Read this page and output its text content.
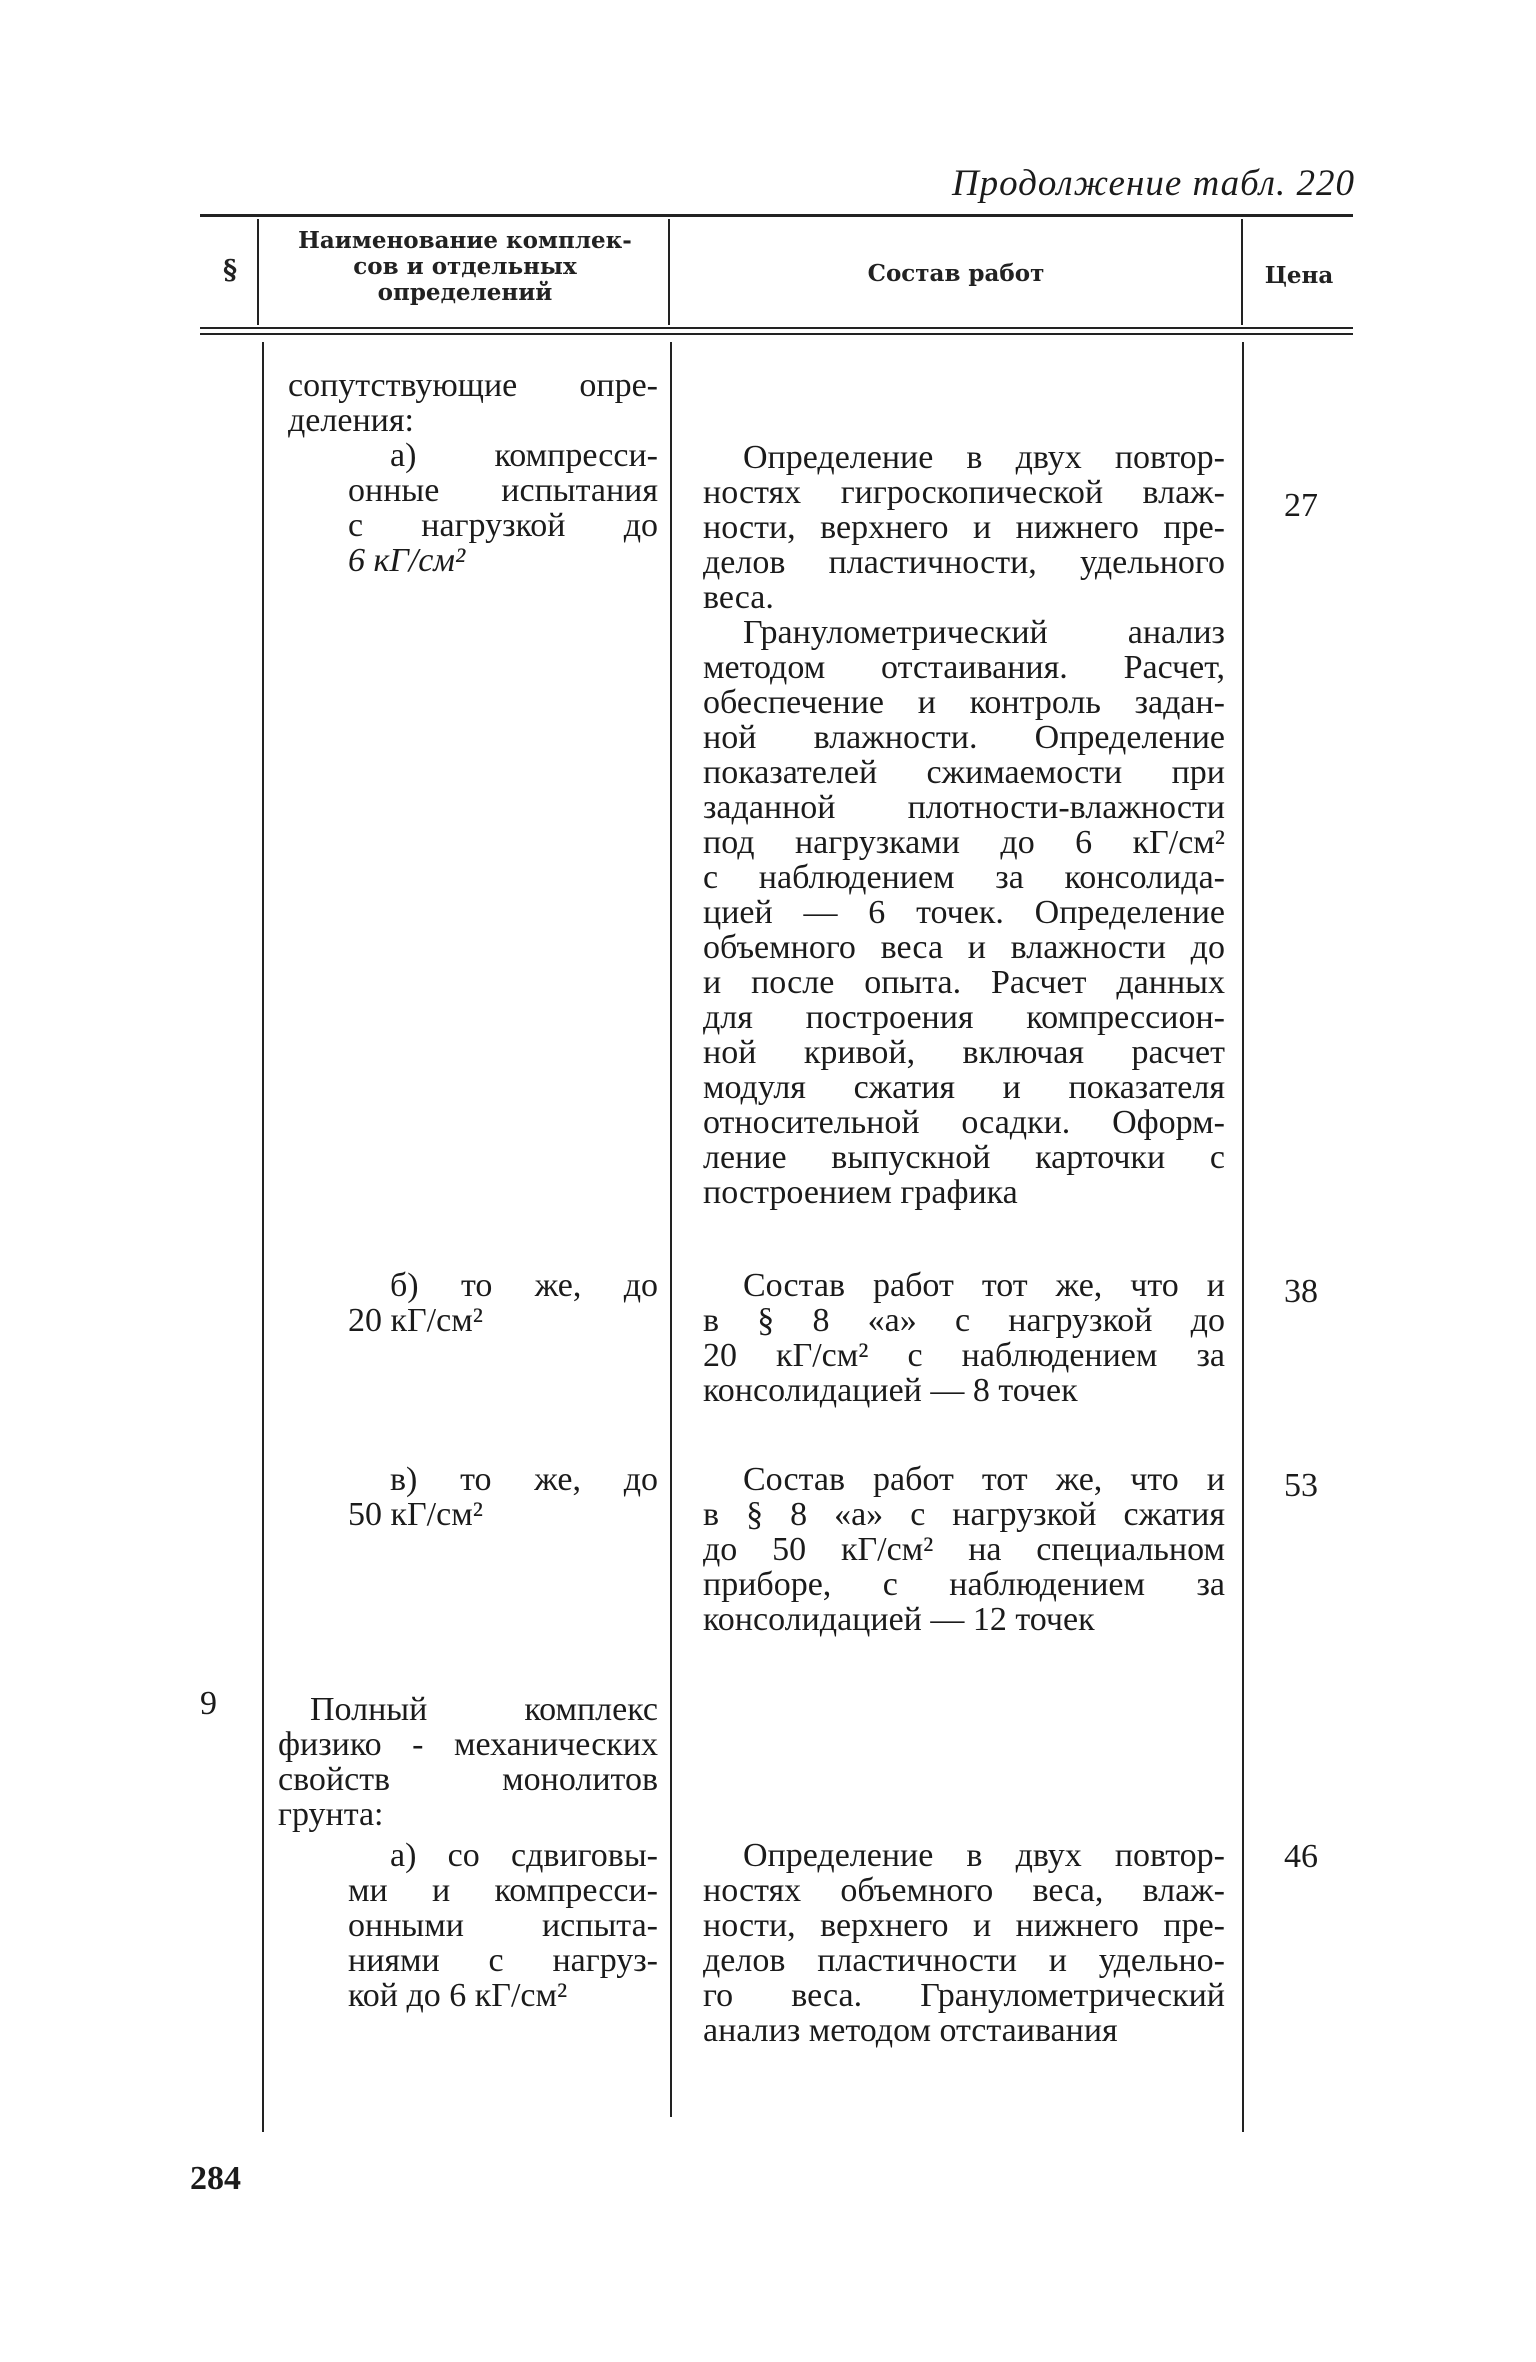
Продолжение табл. 220
§
Наименование комплек-
сов и отдельных
определений
Состав работ	Цена
сопутствующие опре-
деления:
а) компресси-
онные испытания
с нагрузкой до
6 кГ/см²
Определение в двух повтор-
ностях гигроскопической влаж-
ности, верхнего и нижнего пре-
делов пластичности, удельного
веса.
Гранулометрический анализ
методом отстаивания. Расчет,
обеспечение и контроль задан-
ной влажности. Определение
показателей сжимаемости при
заданной плотности-влажности
под нагрузками до 6 кГ/см²
с наблюдением за консолида-
цией — 6 точек. Определение
объемного веса и влажности до
и после опыта. Расчет данных
для построения компрессион-
ной кривой, включая расчет
модуля сжатия и показателя
относительной осадки. Оформ-
ление выпускной карточки с
построением графика
27
б) то же, до
20 кГ/см²
Состав работ тот же, что и
в § 8 «а» с нагрузкой до
20 кГ/см² с наблюдением за
консолидацией — 8 точек
38
в) то же, до
50 кГ/см²
Состав работ тот же, что и
в § 8 «а» с нагрузкой сжатия
до 50 кГ/см² на специальном
приборе, с наблюдением за
консолидацией — 12 точек
53
9	Полный комплекс
физико - механических
свойств монолитов
грунта:
а) со сдвиговы-
ми и компресси-
онными испыта-
ниями с нагруз-
кой до 6 кГ/см²
Определение в двух повтор-
ностях объемного веса, влаж-
ности, верхнего и нижнего пре-
делов пластичности и удельно-
го веса. Гранулометрический
анализ методом отстаивания
46
284
